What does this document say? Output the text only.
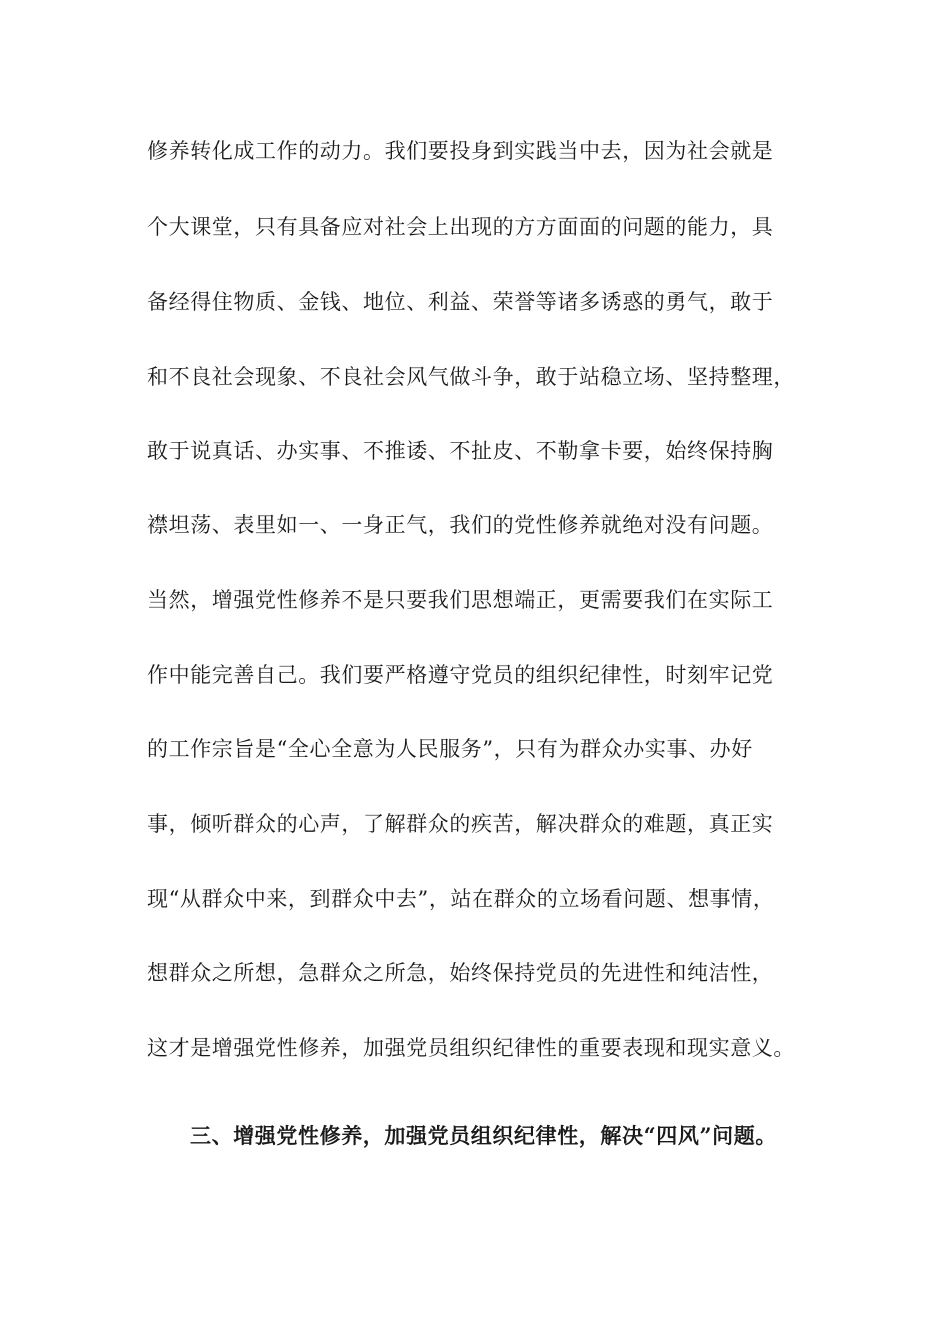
修养转化成工作的动力。我们要投身到实践当中去，因为社会就是
个大课堂，只有具备应对社会上出现的方方面面的问题的能力，具
备经得住物质、金钱、地位、利益、荣誉等诸多诱惑的勇气，敢于
和不良社会现象、不良社会风气做斗争，敢于站稳立场、坚持整理，
敢于说真话、办实事、不推诿、不扯皮、不勒拿卡要，始终保持胸
襟坦荡、表里如一、一身正气，我们的党性修养就绝对没有问题。
当然，增强党性修养不是只要我们思想端正，更需要我们在实际工
作中能完善自己。我们要严格遵守党员的组织纪律性，时刻牢记党
的工作宗旨是“全心全意为人民服务”，只有为群众办实事、办好
事，倾听群众的心声，了解群众的疾苦，解决群众的难题，真正实
现“从群众中来，到群众中去”，站在群众的立场看问题、想事情，
想群众之所想，急群众之所急，始终保持党员的先进性和纯洁性，
这才是增强党性修养，加强党员组织纪律性的重要表现和现实意义。
三、增强党性修养，加强党员组织纪律性，解决“四风”问题。
